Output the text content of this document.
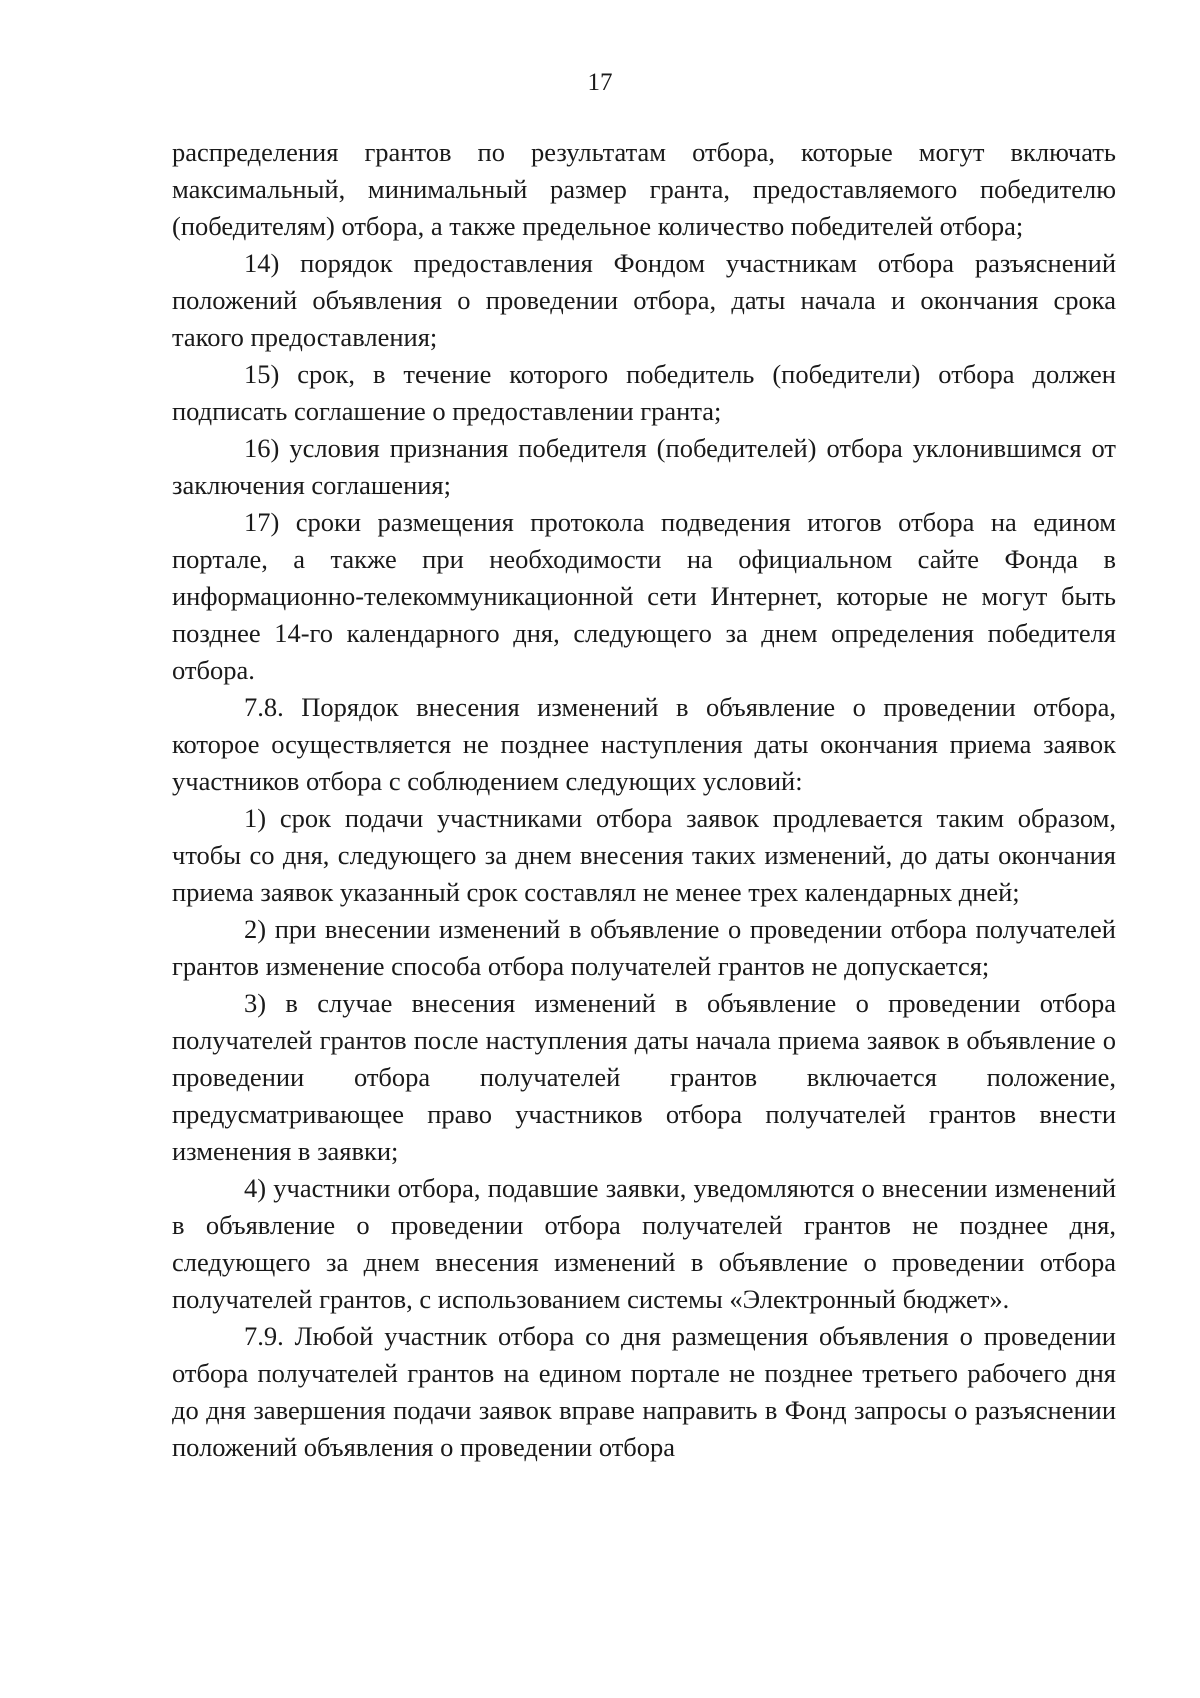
17

распределения грантов по результатам отбора, которые могут включать максимальный, минимальный размер гранта, предоставляемого победителю (победителям) отбора, а также предельное количество победителей отбора;

14) порядок предоставления Фондом участникам отбора разъяснений положений объявления о проведении отбора, даты начала и окончания срока такого предоставления;

15) срок, в течение которого победитель (победители) отбора должен подписать соглашение о предоставлении гранта;

16) условия признания победителя (победителей) отбора уклонившимся от заключения соглашения;

17) сроки размещения протокола подведения итогов отбора на едином портале, а также при необходимости на официальном сайте Фонда в информационно-телекоммуникационной сети Интернет, которые не могут быть позднее 14-го календарного дня, следующего за днем определения победителя отбора.

7.8. Порядок внесения изменений в объявление о проведении отбора, которое осуществляется не позднее наступления даты окончания приема заявок участников отбора с соблюдением следующих условий:

1) срок подачи участниками отбора заявок продлевается таким образом, чтобы со дня, следующего за днем внесения таких изменений, до даты окончания приема заявок указанный срок составлял не менее трех календарных дней;

2) при внесении изменений в объявление о проведении отбора получателей грантов изменение способа отбора получателей грантов не допускается;

3) в случае внесения изменений в объявление о проведении отбора получателей грантов после наступления даты начала приема заявок в объявление о проведении отбора получателей грантов включается положение, предусматривающее право участников отбора получателей грантов внести изменения в заявки;

4) участники отбора, подавшие заявки, уведомляются о внесении изменений в объявление о проведении отбора получателей грантов не позднее дня, следующего за днем внесения изменений в объявление о проведении отбора получателей грантов, с использованием системы «Электронный бюджет».

7.9. Любой участник отбора со дня размещения объявления о проведении отбора получателей грантов на едином портале не позднее третьего рабочего дня до дня завершения подачи заявок вправе направить в Фонд запросы о разъяснении положений объявления о проведении отбора
